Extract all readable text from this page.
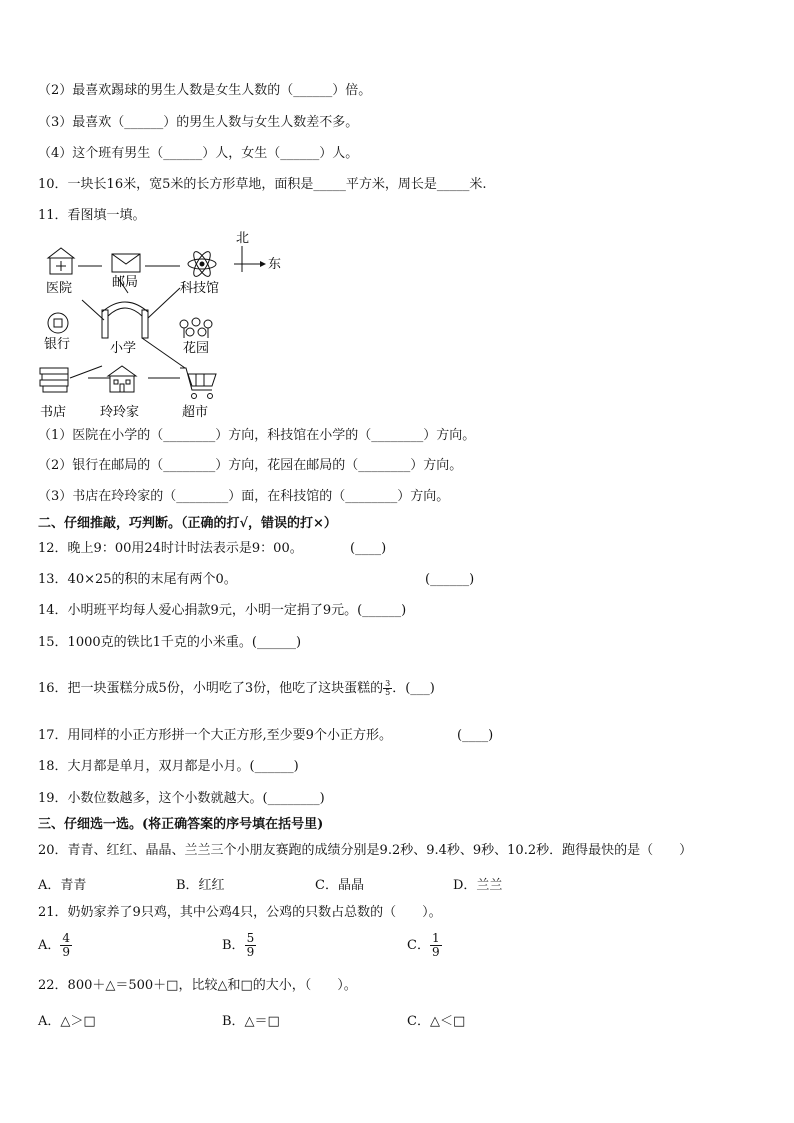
（2）最喜欢踢球的男生人数是女生人数的（______）倍。
（3）最喜欢（______）的男生人数与女生人数差不多。
（4）这个班有男生（______）人，女生（______）人。
10．一块长16米，宽5米的长方形草地，面积是_____平方米，周长是_____米.
11．看图填一填。
北
东
医院	邮局	科技馆
银行	小学	花园
书店	玲玲家	超市
（1）医院在小学的（________）方向，科技馆在小学的（________）方向。
（2）银行在邮局的（________）方向，花园在邮局的（________）方向。
（3）书店在玲玲家的（________）面，在科技馆的（________）方向。
二、仔细推敲，巧判断。（正确的打√，错误的打×）
12．晚上9：00用24时计时法表示是9：00。	(____)
13．40×25的积的末尾有两个0。	(______)
14．小明班平均每人爱心捐款9元，小明一定捐了9元。(______)
15．1000克的铁比1千克的小米重。(______)
16．把一块蛋糕分成5份，小明吃了3份，他吃了这块蛋糕的 $\frac{3}{5}$ ．(___)
17．用同样的小正方形拼一个大正方形,至少要9个小正方形。	(____)
18．大月都是单月，双月都是小月。(______)
19．小数位数越多，这个小数就越大。(________)
三、仔细选一选。(将正确答案的序号填在括号里)
20．青青、红红、晶晶、兰兰三个小朋友赛跑的成绩分别是9.2秒、9.4秒、9秒、10.2秒．跑得最快的是（　　）
A．青青	B．红红	C．晶晶	D．兰兰
21．奶奶家养了9只鸡，其中公鸡4只，公鸡的只数占总数的（　　）。
A． $\frac{4}{9}$	B． $\frac{5}{9}$	C． $\frac{1}{9}$
22．800＋△＝500＋□，比较△和□的大小，（　　）。
A．△＞□	B．△＝□	C．△＜□
